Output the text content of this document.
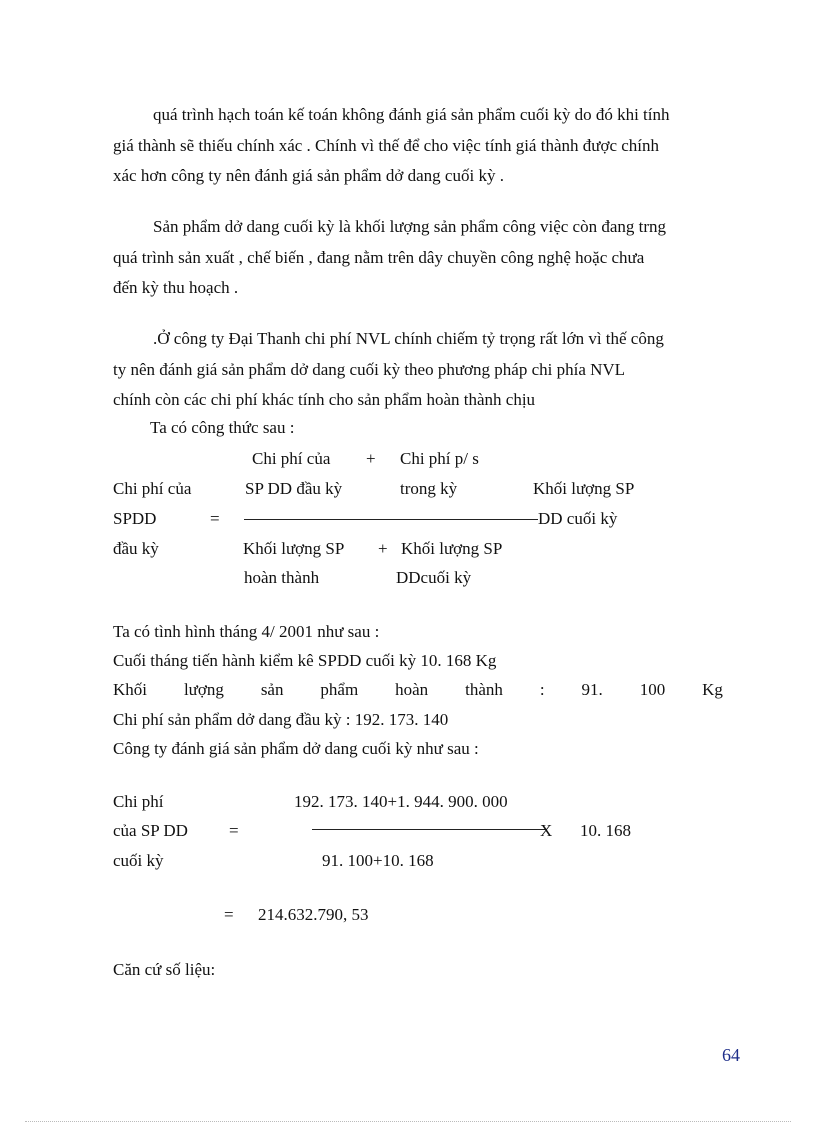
quá trình hạch toán kế toán không đánh giá sản phẩm cuối kỳ do đó khi tính

giá thành sẽ thiếu chính xác . Chính vì thế để cho việc tính giá thành được chính

xác hơn công ty nên đánh giá sản phẩm dở dang cuối kỳ .

Sản phẩm dở dang cuối kỳ là khối lượng sản phẩm công việc còn đang trng

quá trình sản xuất , chế biến , đang nằm trên dây chuyền công nghệ hoặc chưa

đến kỳ thu hoạch .

.Ở công ty Đại Thanh chi phí NVL chính chiếm tỷ trọng rất lớn vì thế công

ty nên đánh giá sản phẩm dở dang cuối kỳ theo phương pháp chi phía NVL

chính còn các chi phí khác tính cho sản phẩm hoàn thành chịu

Ta có công thức sau :
Chi phí của + Chi phí p/ s
Chi phí của	SP DD đầu kỳ	trong kỳ	Khối lượng SP
SPDD	=	DD cuối kỳ
đầu kỳ	Khối lượng SP + Khối lượng SP
hoàn thành	DDcuối kỳ
Ta có tình hình tháng 4/ 2001 như sau :
Cuối tháng tiến hành kiểm kê SPDD cuối kỳ 10. 168 Kg
Khối lượng sản phẩm hoàn thành : 91. 100 Kg
Chi phí sản phẩm dở dang đầu kỳ : 192. 173. 140
Công ty đánh giá sản phẩm dở dang cuối kỳ như sau :
Chi phí	192. 173. 140+1. 944. 900. 000
của SP DD =	X 10. 168
cuối kỳ	91. 100+10. 168
= 214.632.790, 53
Căn cứ số liệu:
64
